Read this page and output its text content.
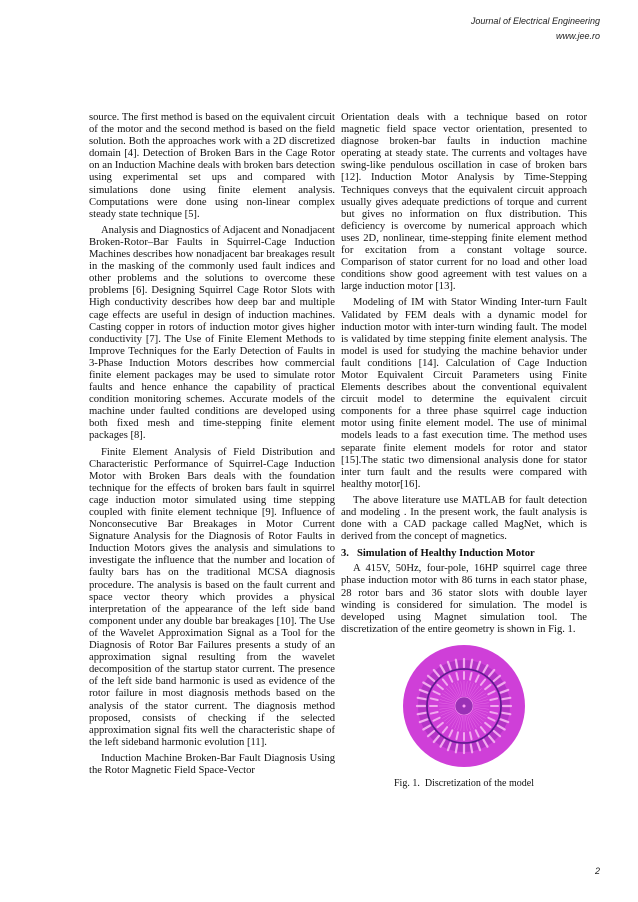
Journal of Electrical Engineering
www.jee.ro

source. The first method is based on the equivalent circuit of the motor and the second method is based on the field solution. Both the approaches work with a 2D discretized domain [4]. Detection of Broken Bars in the Cage Rotor on an Induction Machine deals with broken bars detection using experimental set ups and compared with simulations done using finite element analysis. Computations were done using non-linear complex steady state technique [5].

Analysis and Diagnostics of Adjacent and Nonadjacent Broken-Rotor–Bar Faults in Squirrel-Cage Induction Machines describes how nonadjacent bar breakages result in the masking of the commonly used fault indices and other problems and the solutions to overcome these problems [6]. Designing Squirrel Cage Rotor Slots with High conductivity describes how deep bar and multiple cage effects are useful in design of induction machines. Casting copper in rotors of induction motor gives higher conductivity [7]. The Use of Finite Element Methods to Improve Techniques for the Early Detection of Faults in 3-Phase Induction Motors describes how commercial finite element packages may be used to simulate rotor faults and hence enhance the capability of practical condition monitoring schemes. Accurate models of the machine under faulted conditions are developed using both fixed mesh and time-stepping finite element packages [8].

Finite Element Analysis of Field Distribution and Characteristic Performance of Squirrel-Cage Induction Motor with Broken Bars deals with the foundation technique for the effects of broken bars fault in squirrel cage induction motor simulated using time stepping coupled with finite element technique [9]. Influence of Nonconsecutive Bar Breakages in Motor Current Signature Analysis for the Diagnosis of Rotor Faults in Induction Motors gives the analysis and simulations to investigate the influence that the number and location of faulty bars has on the traditional MCSA diagnosis procedure. The analysis is based on the fault current and space vector theory which provides a physical interpretation of the appearance of the left side band component under any double bar breakages [10]. The Use of the Wavelet Approximation Signal as a Tool for the Diagnosis of Rotor Bar Failures presents a study of an approximation signal resulting from the wavelet decomposition of the startup stator current. The presence of the left side band harmonic is used as evidence of the rotor failure in most diagnosis methods based on the analysis of the stator current. The diagnosis method proposed, consists of checking if the selected approximation signal fits well the characteristic shape of the left sideband harmonic evolution [11].

Induction Machine Broken-Bar Fault Diagnosis Using the Rotor Magnetic Field Space-Vector

Orientation deals with a technique based on rotor magnetic field space vector orientation, presented to diagnose broken-bar faults in induction machine operating at steady state. The currents and voltages have swing-like pendulous oscillation in case of broken bars [12]. Induction Motor Analysis by Time-Stepping Techniques conveys that the equivalent circuit approach usually gives adequate predictions of torque and current but gives no information on flux distribution. This deficiency is overcome by numerical approach which uses 2D, nonlinear, time-stepping finite element method for excitation from a constant voltage source. Comparison of stator current for no load and other load conditions show good agreement with test values on a large induction motor [13].

Modeling of IM with Stator Winding Inter-turn Fault Validated by FEM deals with a dynamic model for induction motor with inter-turn winding fault. The model is validated by time stepping finite element analysis. The model is used for studying the machine behavior under fault conditions [14]. Calculation of Cage Induction Motor Equivalent Circuit Parameters using Finite Elements describes about the conventional equivalent circuit model to determine the equivalent circuit components for a three phase squirrel cage induction motor using finite element model. The use of minimal models leads to a fast execution time. The method uses separate finite element models for rotor and stator [15].The static two dimensional analysis done for stator inter turn fault and the results were compared with healthy motor[16].

The above literature use MATLAB for fault detection and modeling . In the present work, the fault analysis is done with a CAD package called MagNet, which is derived from the concept of magnetics.

3. Simulation of Healthy Induction Motor

A 415V, 50Hz, four-pole, 16HP squirrel cage three phase induction motor with 86 turns in each stator phase, 28 rotor bars and 36 stator slots with double layer winding is considered for simulation. The model is developed using Magnet simulation tool. The discretization of the entire geometry is shown in Fig. 1.

Fig. 1. Discretization of the model
2
